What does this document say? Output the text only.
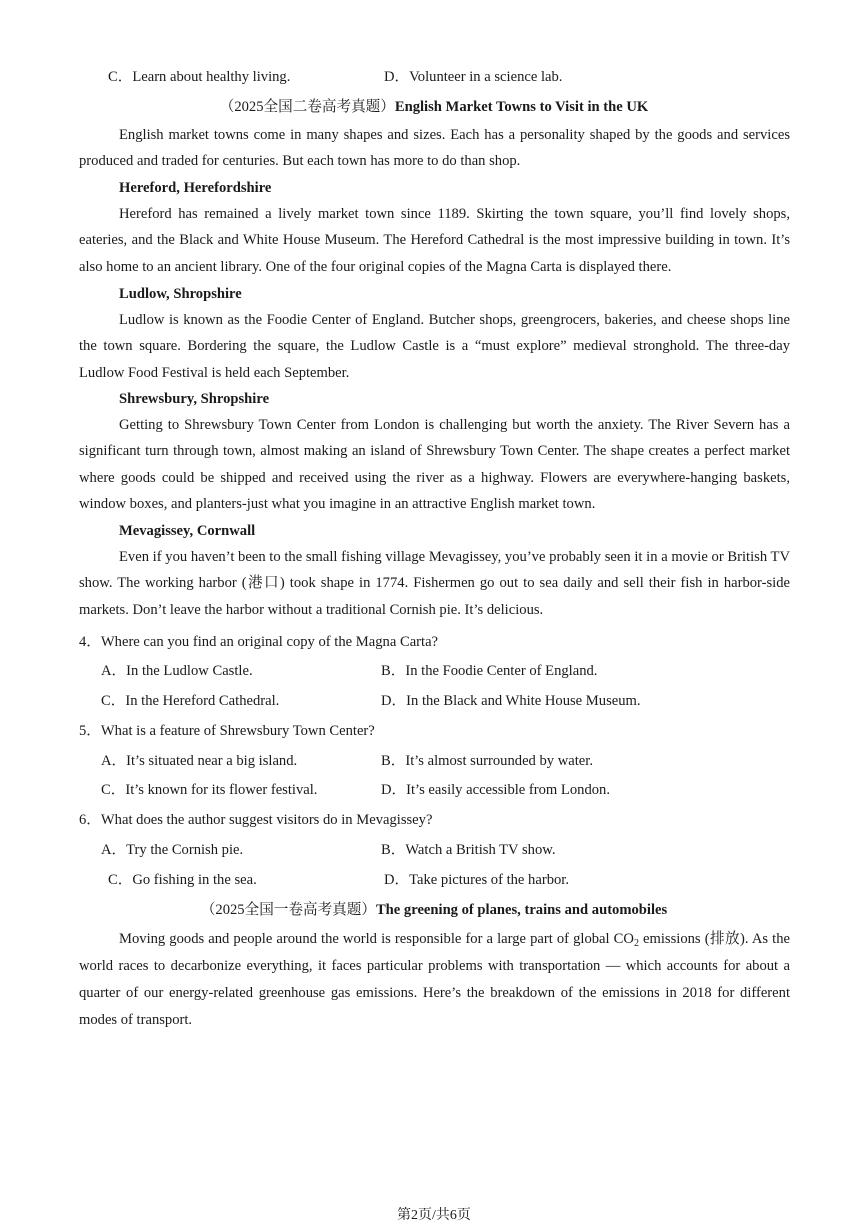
C．Learn about healthy living.	D．Volunteer in a science lab.
（2025全国二卷高考真题）English Market Towns to Visit in the UK

English market towns come in many shapes and sizes. Each has a personality shaped by the goods and services produced and traded for centuries. But each town has more to do than shop.

Hereford, Herefordshire

Hereford has remained a lively market town since 1189. Skirting the town square, you’ll find lovely shops, eateries, and the Black and White House Museum. The Hereford Cathedral is the most impressive building in town. It’s also home to an ancient library. One of the four original copies of the Magna Carta is displayed there.

Ludlow, Shropshire

Ludlow is known as the Foodie Center of England. Butcher shops, greengrocers, bakeries, and cheese shops line the town square. Bordering the square, the Ludlow Castle is a “must explore” medieval stronghold. The three-day Ludlow Food Festival is held each September.

Shrewsbury, Shropshire

Getting to Shrewsbury Town Center from London is challenging but worth the anxiety. The River Severn has a significant turn through town, almost making an island of Shrewsbury Town Center. The shape creates a perfect market where goods could be shipped and received using the river as a highway. Flowers are everywhere-hanging baskets, window boxes, and planters-just what you imagine in an attractive English market town.

Mevagissey, Cornwall

Even if you haven’t been to the small fishing village Mevagissey, you’ve probably seen it in a movie or British TV show. The working harbor (港口) took shape in 1774. Fishermen go out to sea daily and sell their fish in harbor-side markets. Don’t leave the harbor without a traditional Cornish pie. It’s delicious.

4．Where can you find an original copy of the Magna Carta?
A．In the Ludlow Castle.	B．In the Foodie Center of England.
C．In the Hereford Cathedral.	D．In the Black and White House Museum.
5．What is a feature of Shrewsbury Town Center?
A．It’s situated near a big island.	B．It’s almost surrounded by water.
C．It’s known for its flower festival.	D．It’s easily accessible from London.
6．What does the author suggest visitors do in Mevagissey?
A．Try the Cornish pie.	B．Watch a British TV show.
C．Go fishing in the sea.	D．Take pictures of the harbor.
（2025全国一卷高考真题）The greening of planes, trains and automobiles

Moving goods and people around the world is responsible for a large part of global $CO_2$ emissions (排放). As the world races to decarbonize everything, it faces particular problems with transportation — which accounts for about a quarter of our energy-related greenhouse gas emissions. Here’s the breakdown of the emissions in 2018 for different modes of transport.

第2页/共6页
